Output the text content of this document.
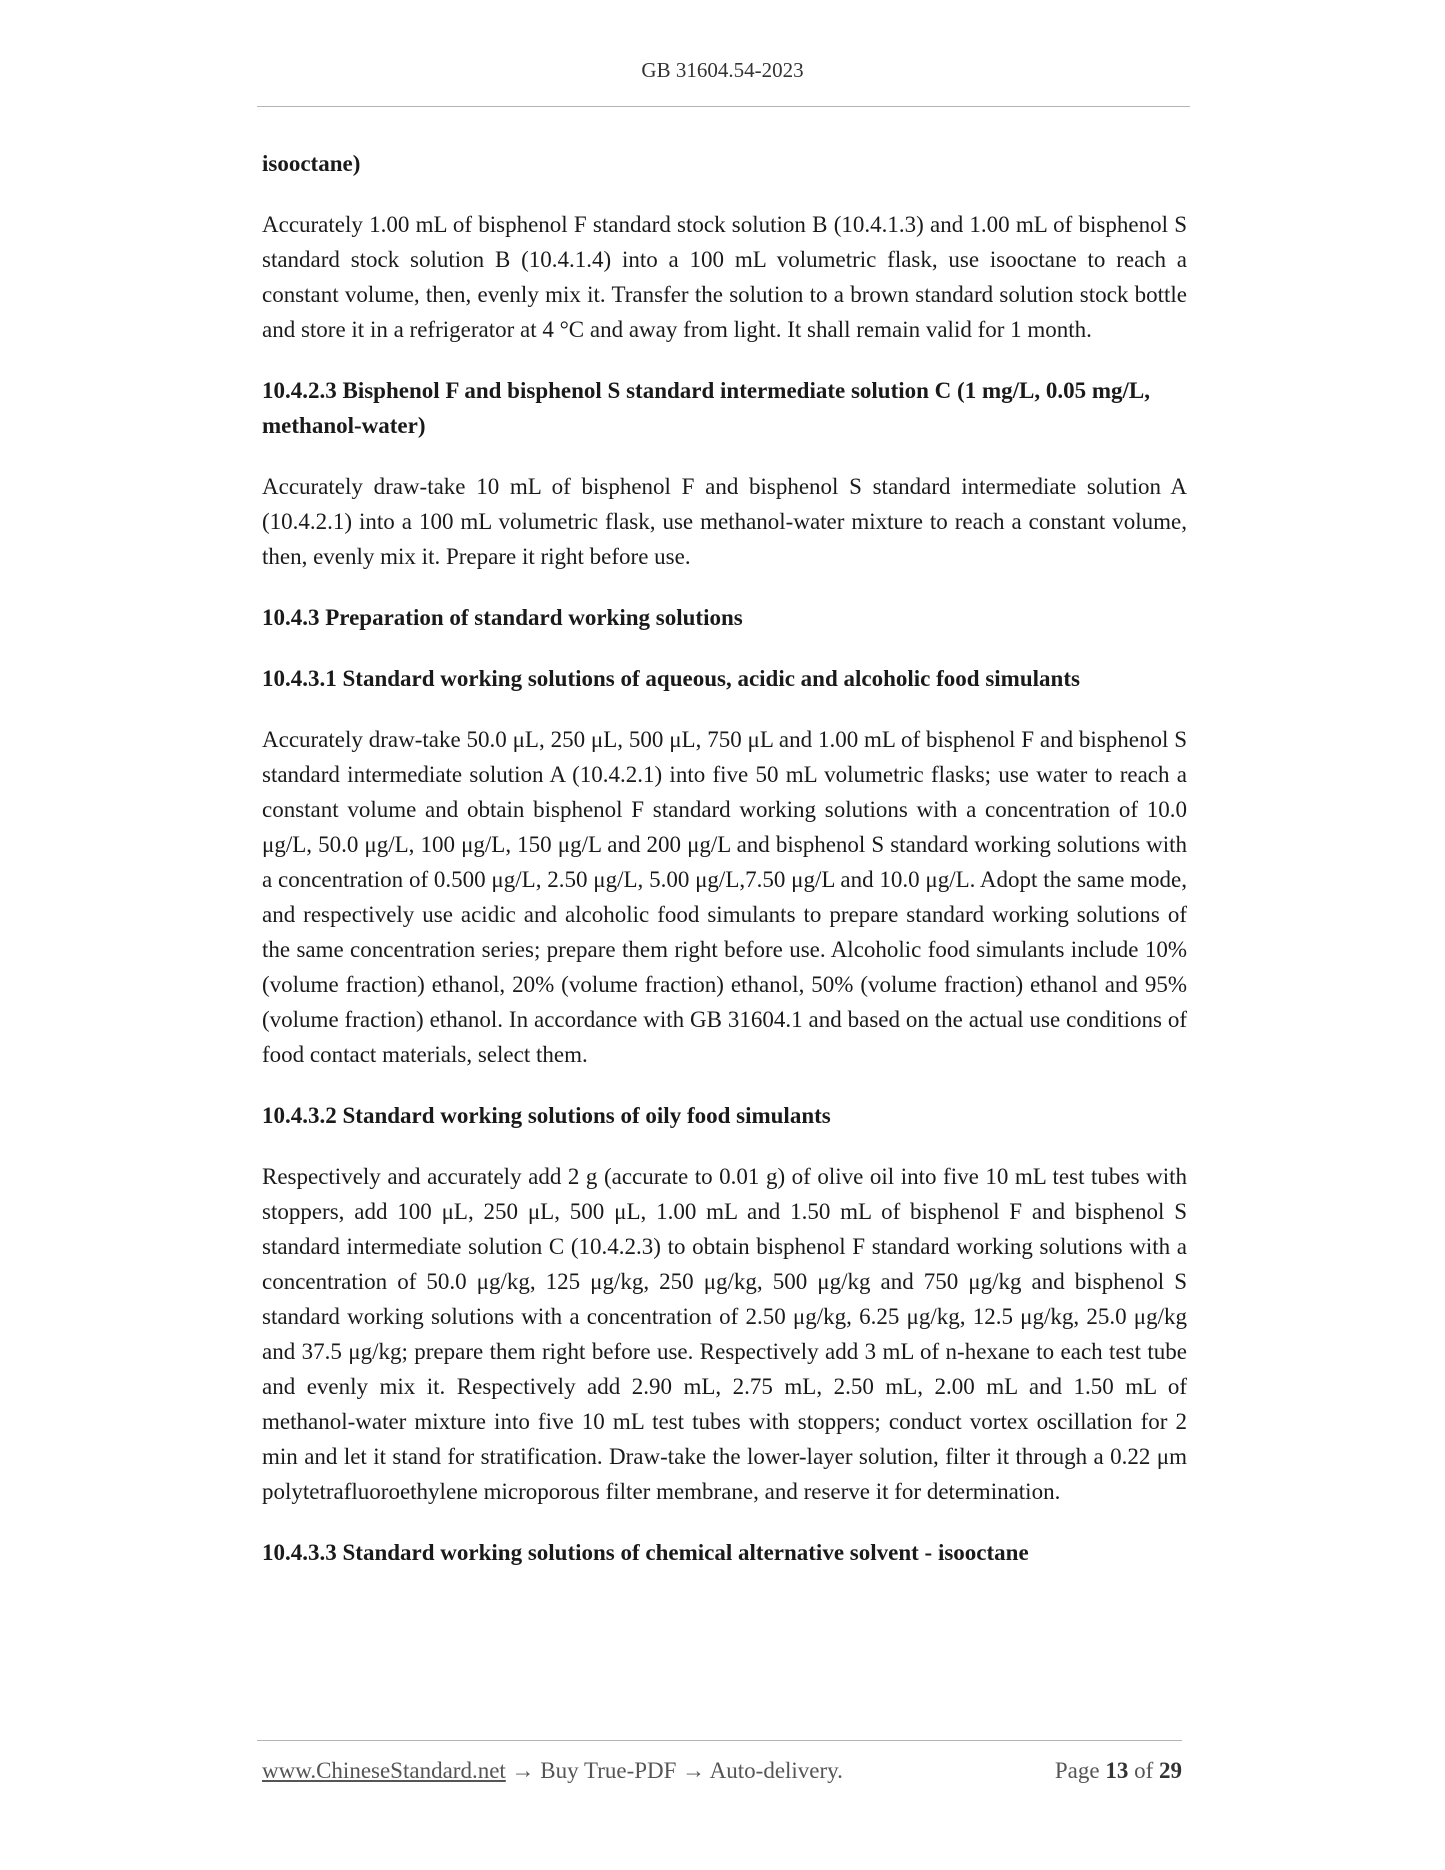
GB 31604.54-2023
isooctane)
Accurately 1.00 mL of bisphenol F standard stock solution B (10.4.1.3) and 1.00 mL of bisphenol S standard stock solution B (10.4.1.4) into a 100 mL volumetric flask, use isooctane to reach a constant volume, then, evenly mix it. Transfer the solution to a brown standard solution stock bottle and store it in a refrigerator at 4 °C and away from light. It shall remain valid for 1 month.
10.4.2.3 Bisphenol F and bisphenol S standard intermediate solution C (1 mg/L, 0.05 mg/L, methanol-water)
Accurately draw-take 10 mL of bisphenol F and bisphenol S standard intermediate solution A (10.4.2.1) into a 100 mL volumetric flask, use methanol-water mixture to reach a constant volume, then, evenly mix it. Prepare it right before use.
10.4.3 Preparation of standard working solutions
10.4.3.1 Standard working solutions of aqueous, acidic and alcoholic food simulants
Accurately draw-take 50.0 μL, 250 μL, 500 μL, 750 μL and 1.00 mL of bisphenol F and bisphenol S standard intermediate solution A (10.4.2.1) into five 50 mL volumetric flasks; use water to reach a constant volume and obtain bisphenol F standard working solutions with a concentration of 10.0 μg/L, 50.0 μg/L, 100 μg/L, 150 μg/L and 200 μg/L and bisphenol S standard working solutions with a concentration of 0.500 μg/L, 2.50 μg/L, 5.00 μg/L,7.50 μg/L and 10.0 μg/L. Adopt the same mode, and respectively use acidic and alcoholic food simulants to prepare standard working solutions of the same concentration series; prepare them right before use. Alcoholic food simulants include 10% (volume fraction) ethanol, 20% (volume fraction) ethanol, 50% (volume fraction) ethanol and 95% (volume fraction) ethanol. In accordance with GB 31604.1 and based on the actual use conditions of food contact materials, select them.
10.4.3.2 Standard working solutions of oily food simulants
Respectively and accurately add 2 g (accurate to 0.01 g) of olive oil into five 10 mL test tubes with stoppers, add 100 μL, 250 μL, 500 μL, 1.00 mL and 1.50 mL of bisphenol F and bisphenol S standard intermediate solution C (10.4.2.3) to obtain bisphenol F standard working solutions with a concentration of 50.0 μg/kg, 125 μg/kg, 250 μg/kg, 500 μg/kg and 750 μg/kg and bisphenol S standard working solutions with a concentration of 2.50 μg/kg, 6.25 μg/kg, 12.5 μg/kg, 25.0 μg/kg and 37.5 μg/kg; prepare them right before use. Respectively add 3 mL of n-hexane to each test tube and evenly mix it. Respectively add 2.90 mL, 2.75 mL, 2.50 mL, 2.00 mL and 1.50 mL of methanol-water mixture into five 10 mL test tubes with stoppers; conduct vortex oscillation for 2 min and let it stand for stratification. Draw-take the lower-layer solution, filter it through a 0.22 μm polytetrafluoroethylene microporous filter membrane, and reserve it for determination.
10.4.3.3 Standard working solutions of chemical alternative solvent - isooctane
www.ChineseStandard.net → Buy True-PDF → Auto-delivery.	Page 13 of 29
